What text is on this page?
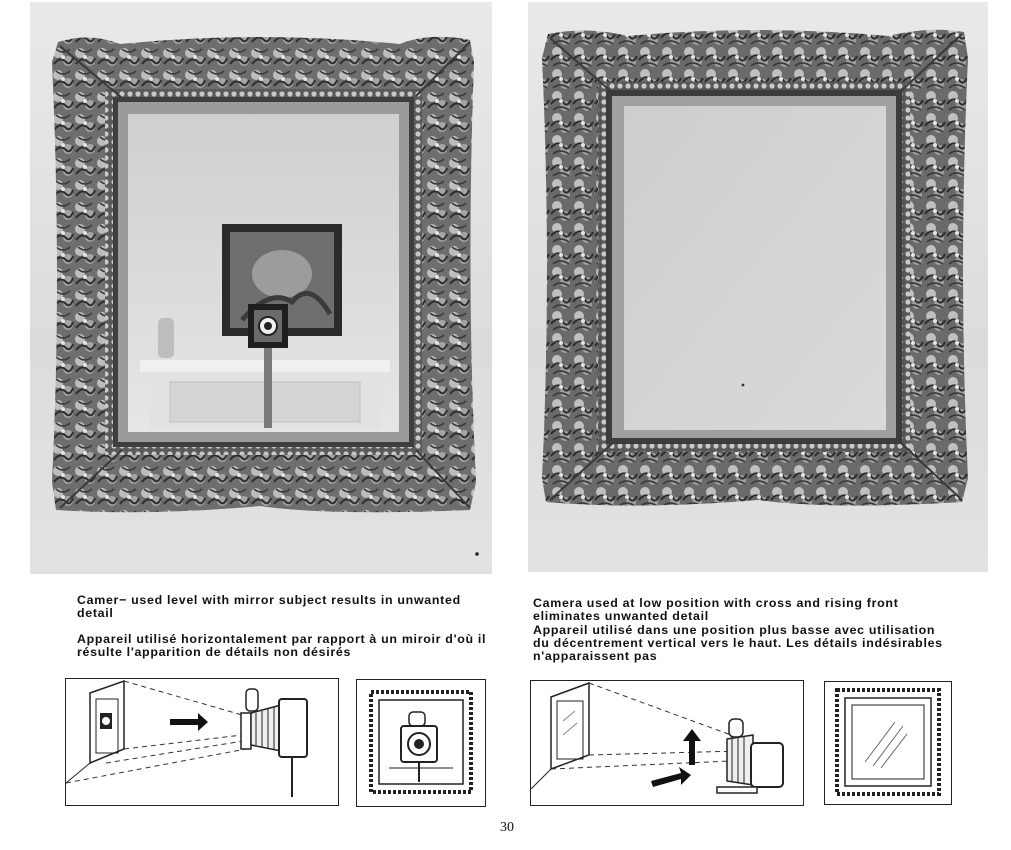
Camer− used level with mirror subject results in unwanted detail

Appareil utilisé horizontalement par rapport à un miroir d'où il résulte l'apparition de détails non désirés

Camera used at low position with cross and rising front eliminates unwanted detail

Appareil utilisé dans une position plus basse avec utilisation du décentrement vertical vers le haut. Les détails indésirables n'apparaissent pas

30
